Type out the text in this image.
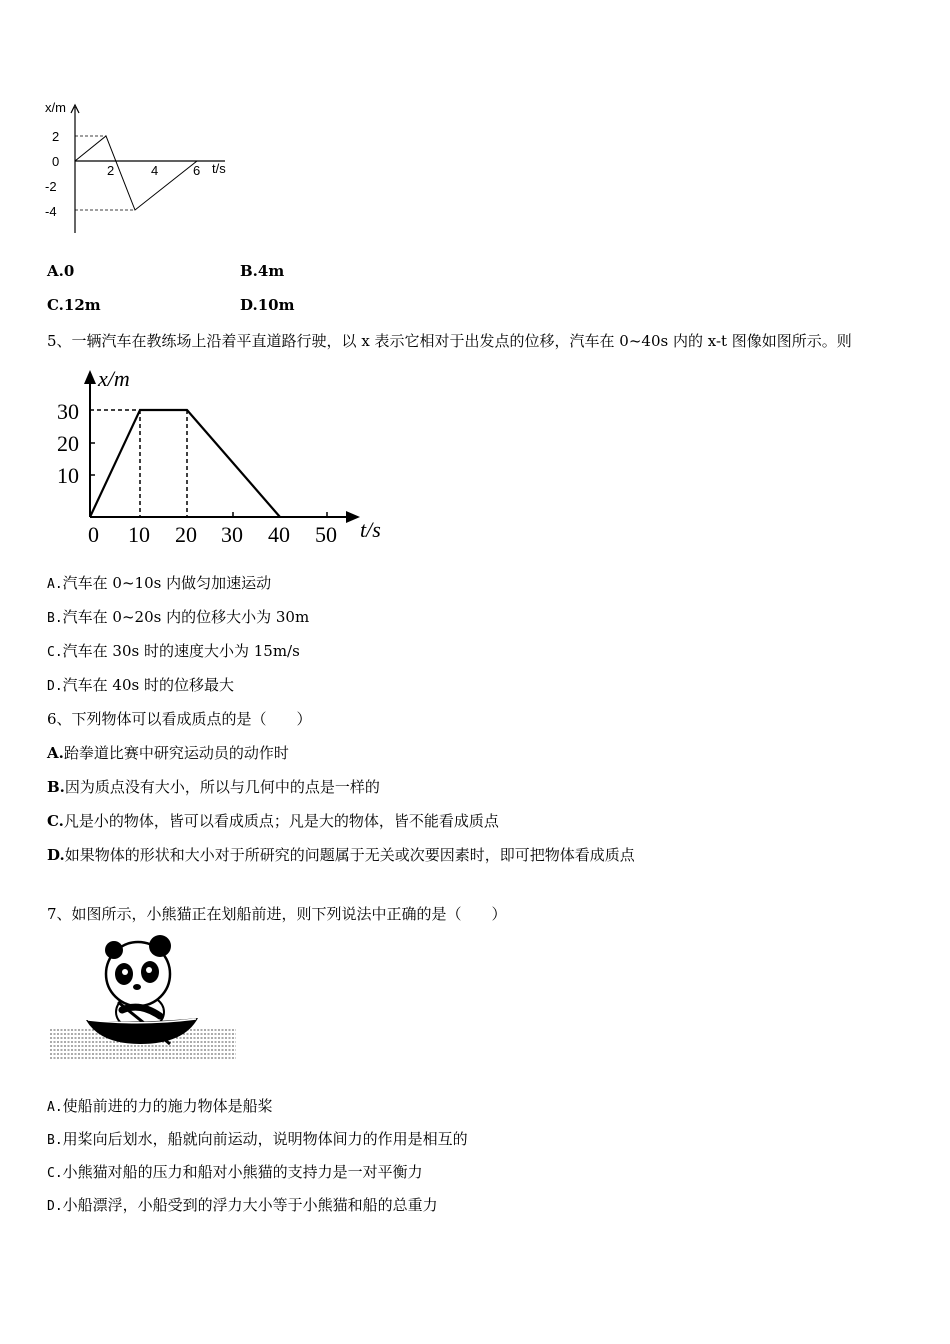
x/m
2
0
-2
-4
2	4	6 t/s
A.0	B.4m
C.12m	D.10m
5、一辆汽车在教练场上沿着平直道路行驶，以 x 表示它相对于出发点的位移，汽车在 0~40s 内的 x-t 图像如图所示。则
x/m
t/s
30
20
10
0 10 20 30 40 50
A.汽车在 0~10s 内做匀加速运动
B.汽车在 0~20s 内的位移大小为 30m
C.汽车在 30s 时的速度大小为 15m/s
D.汽车在 40s 时的位移最大
6、下列物体可以看成质点的是（　　）
A.跆拳道比赛中研究运动员的动作时
B.因为质点没有大小，所以与几何中的点是一样的
C.凡是小的物体，皆可以看成质点；凡是大的物体，皆不能看成质点
D.如果物体的形状和大小对于所研究的问题属于无关或次要因素时，即可把物体看成质点
7、如图所示，小熊猫正在划船前进，则下列说法中正确的是（　　）
A.使船前进的力的施力物体是船桨
B.用桨向后划水，船就向前运动，说明物体间力的作用是相互的
C.小熊猫对船的压力和船对小熊猫的支持力是一对平衡力
D.小船漂浮，小船受到的浮力大小等于小熊猫和船的总重力
